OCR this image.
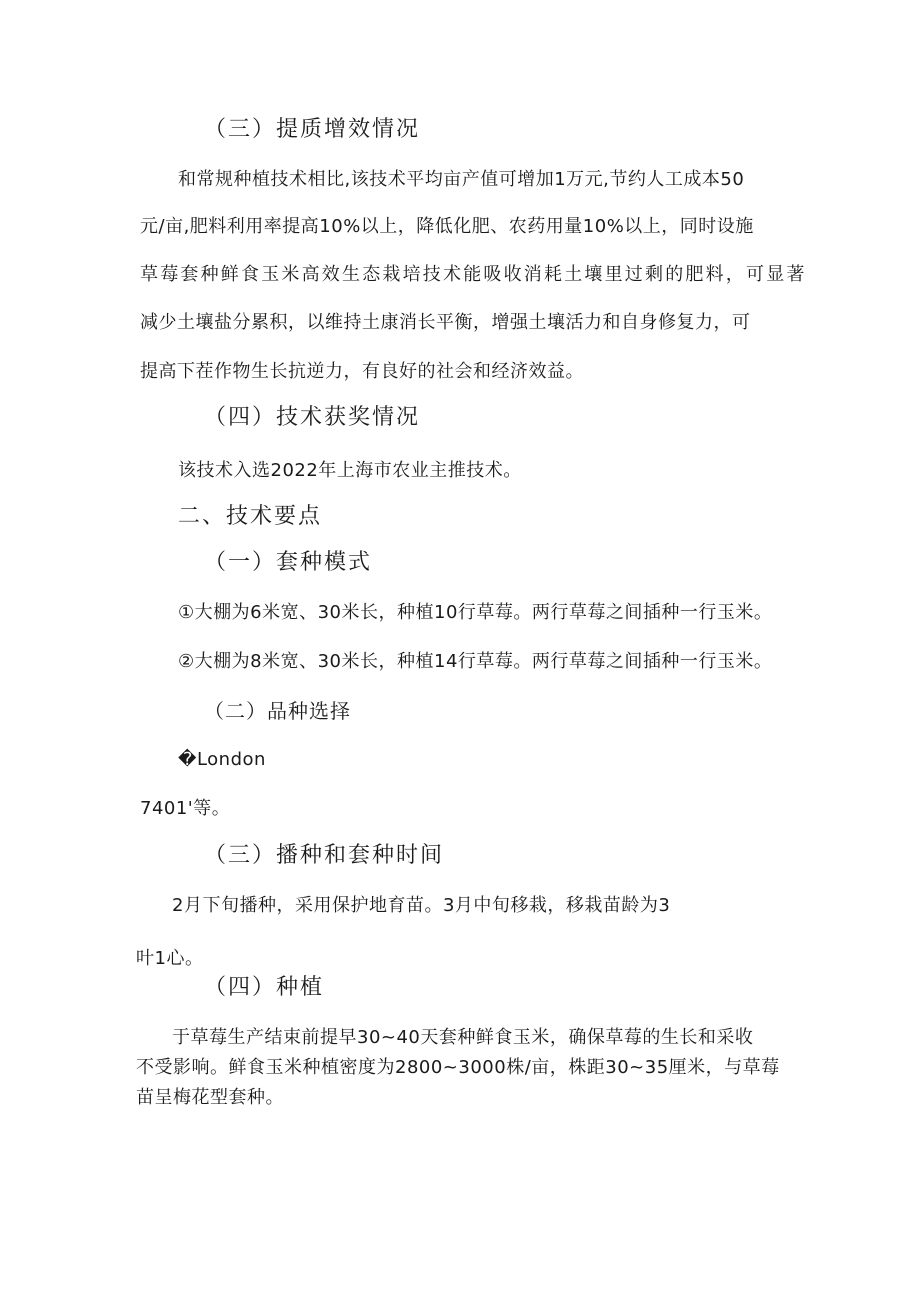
（三）提质增效情况
和常规种植技术相比,该技术平均亩产值可增加1万元,节约人工成本50
元/亩,肥料利用率提高10%以上，降低化肥、农药用量10%以上，同时设施
草莓套种鲜食玉米高效生态栽培技术能吸收消耗土壤里过剩的肥料，可显著
减少土壤盐分累积，以维持土康消长平衡，增强土壤活力和自身修复力，可
提高下茬作物生长抗逆力，有良好的社会和经济效益。
（四）技术获奖情况
该技术入选2022年上海市农业主推技术。
二、技术要点
（一）套种模式
①大棚为6米宽、30米长，种植10行草莓。两行草莓之间插种一行玉米。
②大棚为8米宽、30米长，种植14行草莓。两行草莓之间插种一行玉米。
（二）品种选择
�London
7401'等。
（三）播种和套种时间
2月下旬播种，采用保护地育苗。3月中旬移栽，移栽苗龄为3
叶1心。
（四）种植
于草莓生产结束前提早30~40天套种鲜食玉米，确保草莓的生长和采收
不受影响。鲜食玉米种植密度为2800~3000株/亩，株距30~35厘米，与草莓
苗呈梅花型套种。
